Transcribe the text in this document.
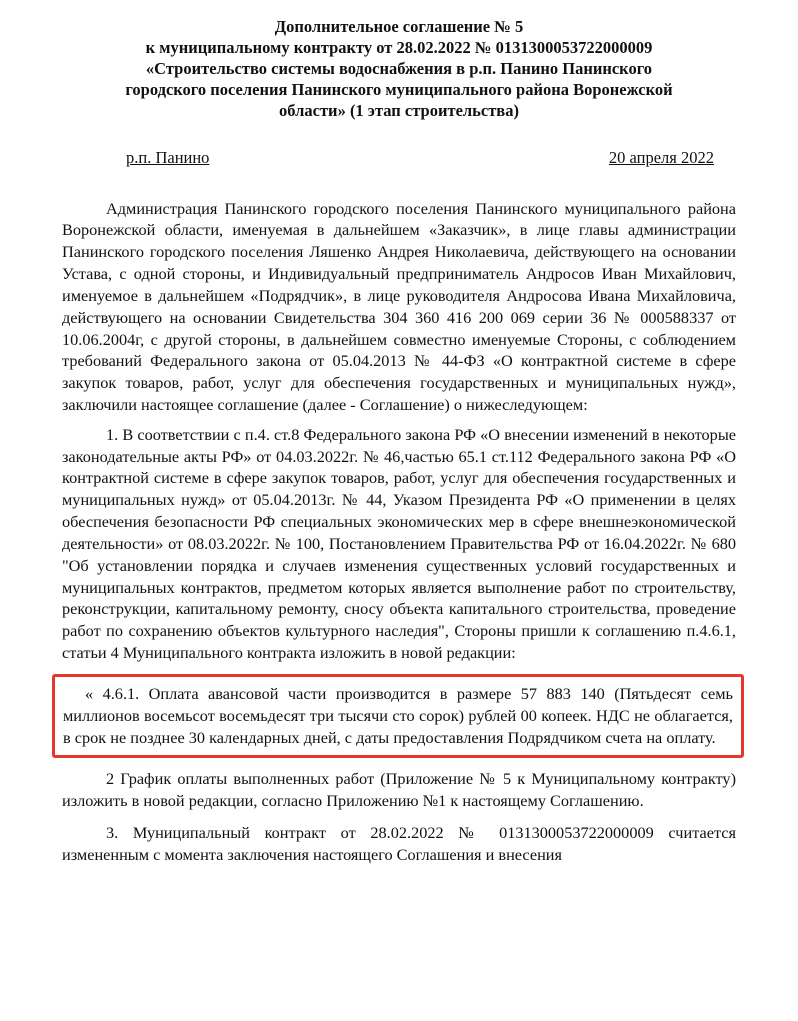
Дополнительное соглашение № 5
к муниципальному контракту от 28.02.2022 № 0131300053722000009
«Строительство системы водоснабжения в р.п. Панино Панинского
городского поселения Панинского муниципального района Воронежской
области» (1 этап строительства)
р.п. Панино	20 апреля 2022

Администрация Панинского городского поселения Панинского муниципального района Воронежской области, именуемая в дальнейшем «Заказчик», в лице главы администрации Панинского городского поселения Ляшенко Андрея Николаевича, действующего на основании Устава, с одной стороны, и Индивидуальный предприниматель Андросов Иван Михайлович, именуемое в дальнейшем «Подрядчик», в лице руководителя Андросова Ивана Михайловича, действующего на основании Свидетельства 304 360 416 200 069 серии 36 № 000588337 от 10.06.2004г, с другой стороны, в дальнейшем совместно именуемые Стороны, с соблюдением требований Федерального закона от 05.04.2013 № 44-ФЗ «О контрактной системе в сфере закупок товаров, работ, услуг для обеспечения государственных и муниципальных нужд», заключили настоящее соглашение (далее - Соглашение) о нижеследующем:

1. В соответствии с п.4. ст.8 Федерального закона РФ «О внесении изменений в некоторые законодательные акты РФ» от 04.03.2022г. № 46,частью 65.1 ст.112 Федерального закона РФ «О контрактной системе в сфере закупок товаров, работ, услуг для обеспечения государственных и муниципальных нужд» от 05.04.2013г. № 44, Указом Президента РФ «О применении в целях обеспечения безопасности РФ специальных экономических мер в сфере внешнеэкономической деятельности» от 08.03.2022г. № 100, Постановлением Правительства РФ от 16.04.2022г. № 680 "Об установлении порядка и случаев изменения существенных условий государственных и муниципальных контрактов, предметом которых является выполнение работ по строительству, реконструкции, капитальному ремонту, сносу объекта капитального строительства, проведение работ по сохранению объектов культурного наследия", Стороны пришли к соглашению п.4.6.1, статьи 4 Муниципального контракта изложить в новой редакции:

« 4.6.1. Оплата авансовой части производится в размере 57 883 140 (Пятьдесят семь миллионов восемьсот восемьдесят три тысячи сто сорок) рублей 00 копеек. НДС не облагается, в срок не позднее 30 календарных дней, с даты предоставления Подрядчиком счета на оплату.

2 График оплаты выполненных работ (Приложение № 5 к Муниципальному контракту) изложить в новой редакции, согласно Приложению №1 к настоящему Соглашению.

3. Муниципальный контракт от 28.02.2022 № 0131300053722000009 считается измененным с момента заключения настоящего Соглашения и внесения
